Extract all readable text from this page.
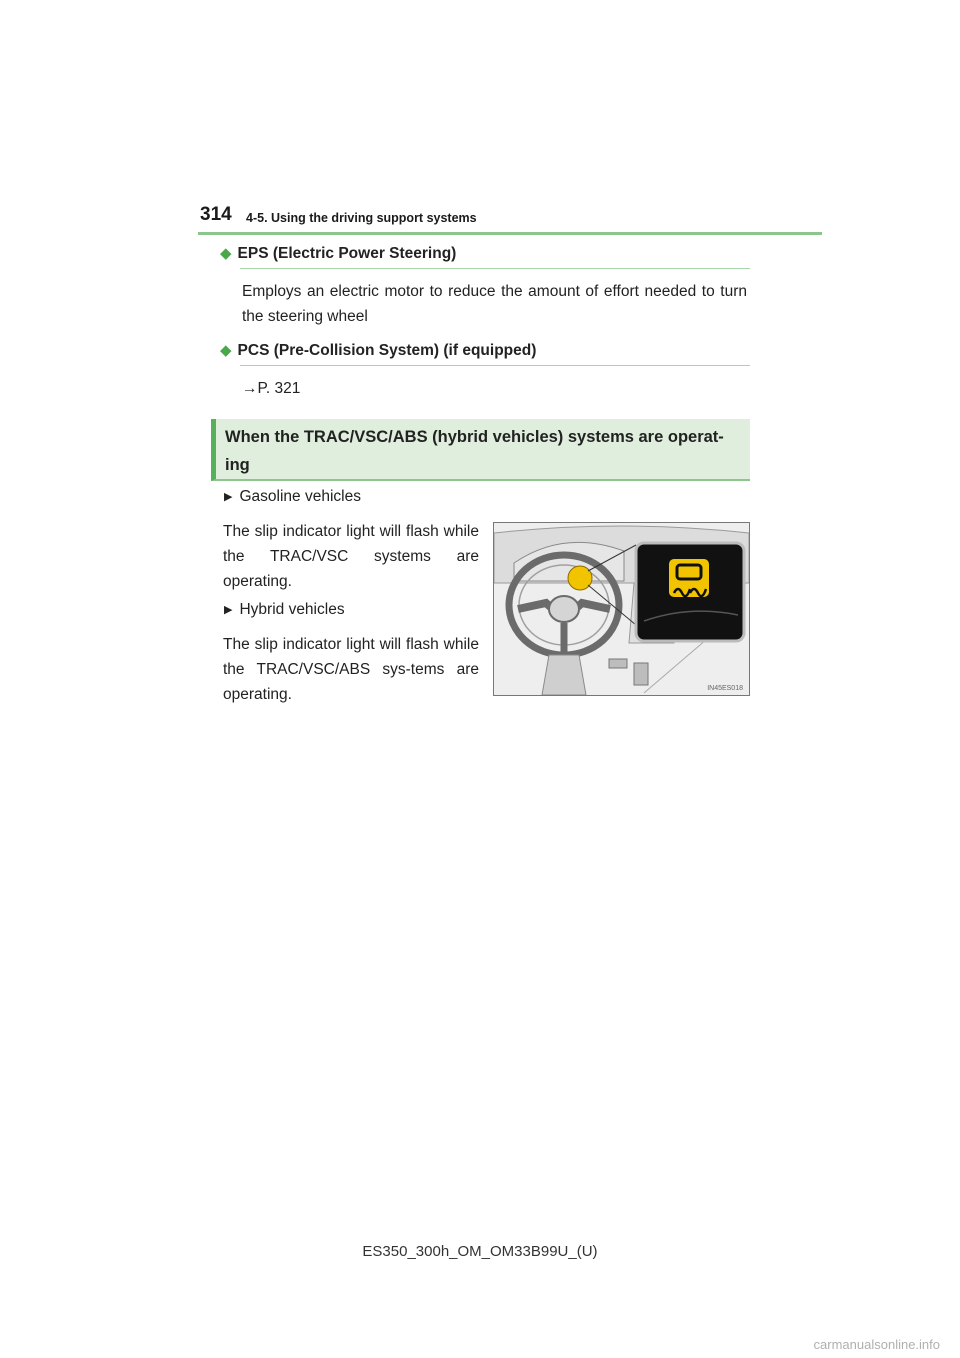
314 4-5. Using the driving support systems
◆ EPS (Electric Power Steering)
Employs an electric motor to reduce the amount of effort needed to turn the steering wheel
◆ PCS (Pre-Collision System) (if equipped)
→P. 321
When the TRAC/VSC/ABS (hybrid vehicles) systems are operat-ing
▶ Gasoline vehicles
The slip indicator light will flash while the TRAC/VSC systems are operating.
▶ Hybrid vehicles
The slip indicator light will flash while the TRAC/VSC/ABS sys-tems are operating.	IN45ES018
ES350_300h_OM_OM33B99U_(U)
carmanualsonline.info
